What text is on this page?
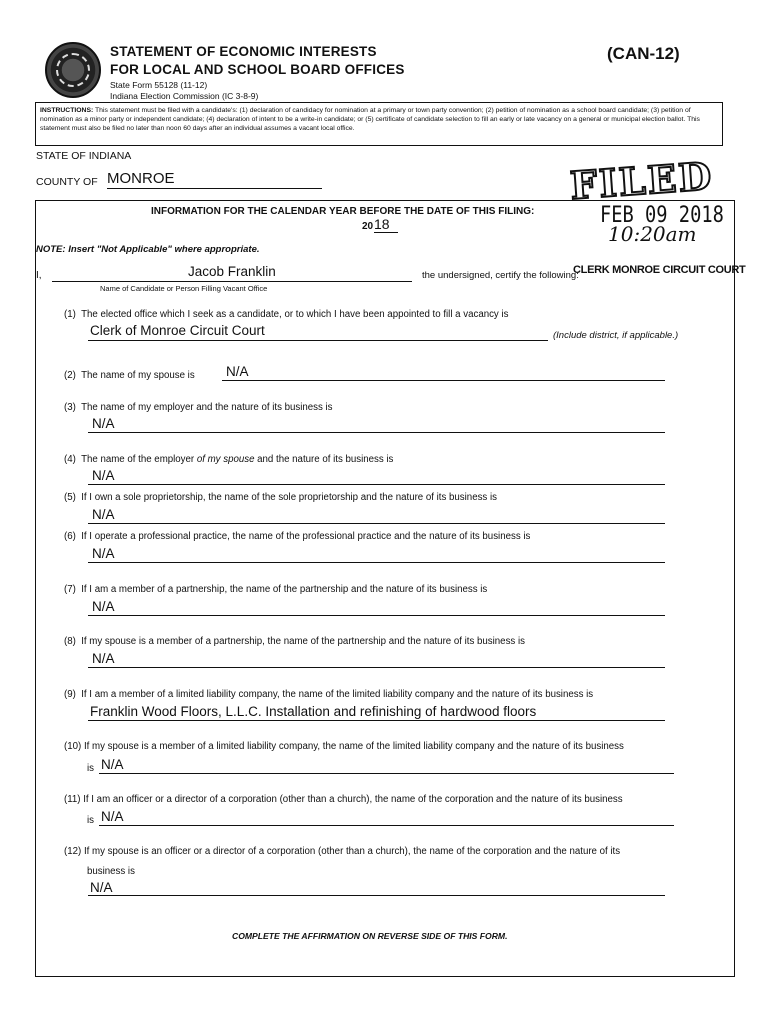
STATEMENT OF ECONOMIC INTERESTS
FOR LOCAL AND SCHOOL BOARD OFFICES
State Form 55128 (11-12)
Indiana Election Commission (IC 3-8-9)
(CAN-12)
INSTRUCTIONS: This statement must be filed with a candidate's: (1) declaration of candidacy for nomination at a primary or town party convention; (2) petition of nomination as a school board candidate; (3) petition of nomination as a minor party or independent candidate; (4) declaration of intent to be a write-in candidate; or (5) certificate of candidate selection to fill an early or late vacancy on a general or municipal election ballot. This statement must also be filed no later than noon 60 days after an individual assumes a vacant local office.
STATE OF INDIANA
COUNTY OF MONROE	FILED
INFORMATION FOR THE CALENDAR YEAR BEFORE THE DATE OF THIS FILING:
20 18	FEB 09 2018
10:20am
CLERK MONROE CIRCUIT COURT
NOTE: Insert "Not Applicable" where appropriate.
I,	Jacob Franklin
Name of Candidate or Person Filling Vacant Office
the undersigned, certify the following:
(1) The elected office which I seek as a candidate, or to which I have been appointed to fill a vacancy is
Clerk of Monroe Circuit Court	(Include district, if applicable.)
(2) The name of my spouse is N/A
(3) The name of my employer and the nature of its business is
N/A
(4) The name of the employer of my spouse and the nature of its business is
N/A
(5) If I own a sole proprietorship, the name of the sole proprietorship and the nature of its business is
N/A
(6) If I operate a professional practice, the name of the professional practice and the nature of its business is
N/A
(7) If I am a member of a partnership, the name of the partnership and the nature of its business is
N/A
(8) If my spouse is a member of a partnership, the name of the partnership and the nature of its business is
N/A
(9) If I am a member of a limited liability company, the name of the limited liability company and the nature of its business is
Franklin Wood Floors, L.L.C. Installation and refinishing of hardwood floors
(10) If my spouse is a member of a limited liability company, the name of the limited liability company and the nature of its business
is N/A
(11) If I am an officer or a director of a corporation (other than a church), the name of the corporation and the nature of its business
is N/A
(12) If my spouse is an officer or a director of a corporation (other than a church), the name of the corporation and the nature of its
business is
N/A
COMPLETE THE AFFIRMATION ON REVERSE SIDE OF THIS FORM.
